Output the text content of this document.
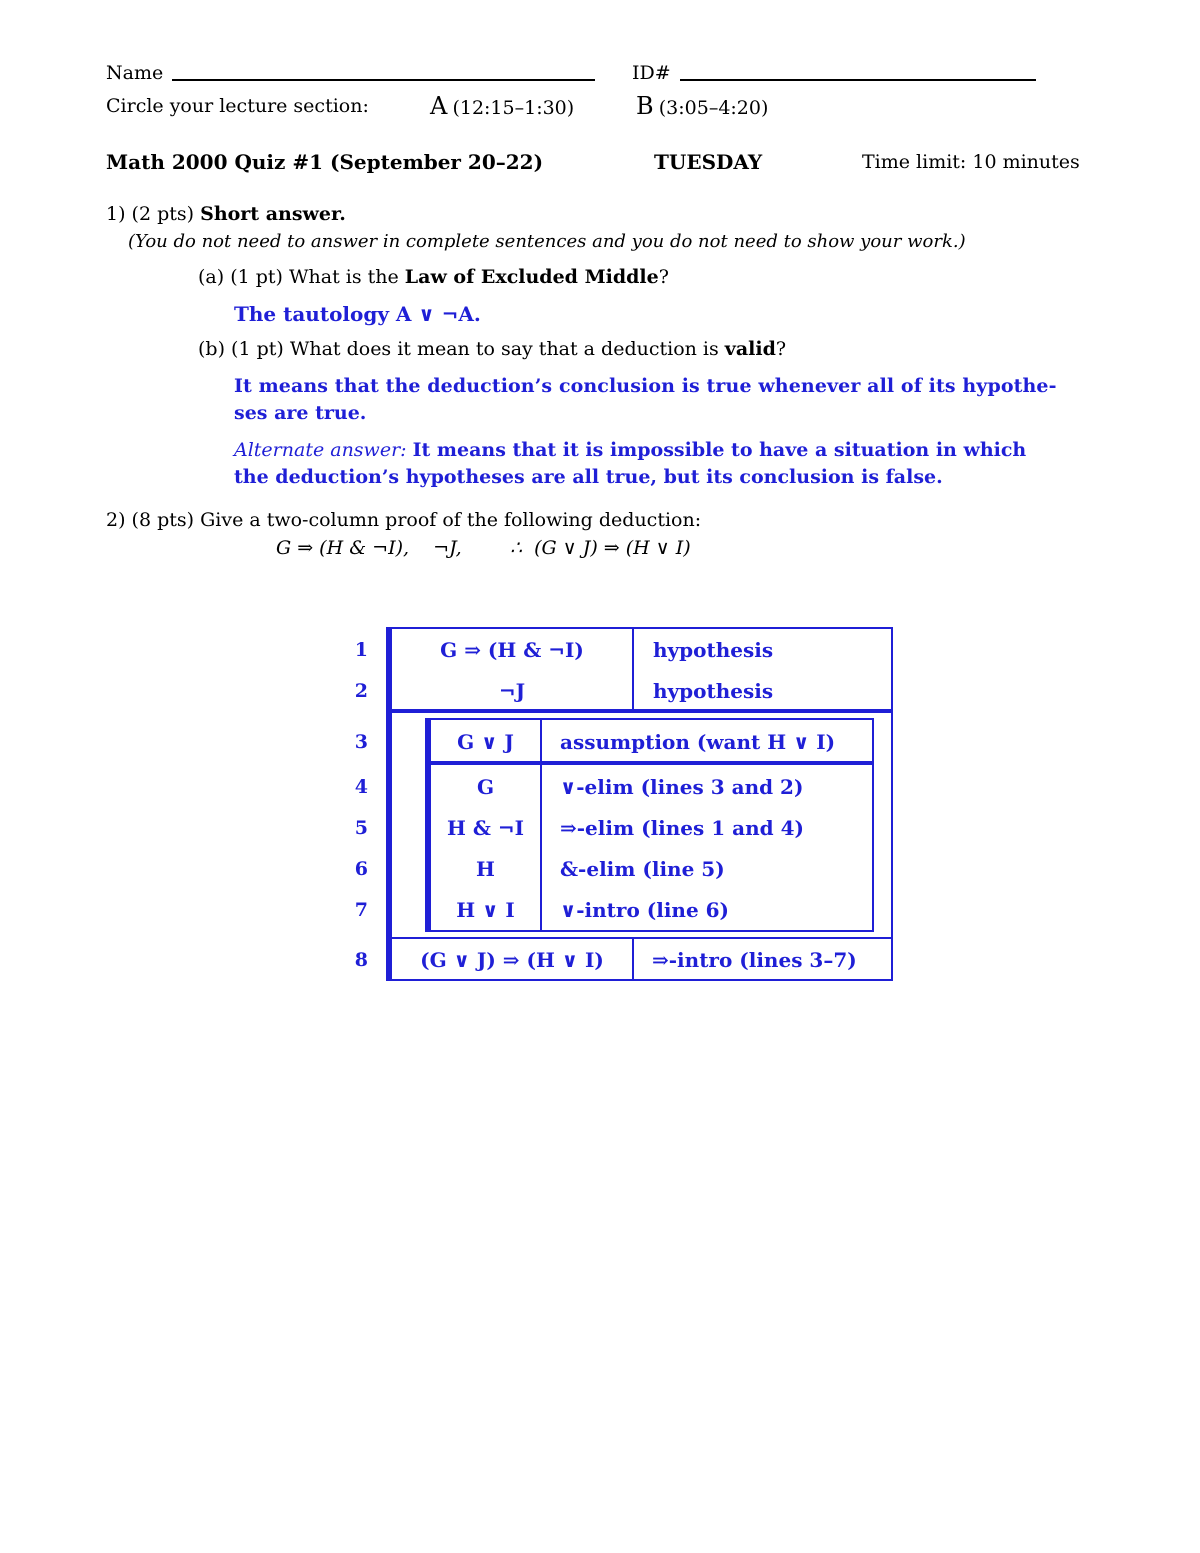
Name	ID#
Circle your lecture section:	A (12:15–1:30)	B (3:05–4:20)
Math 2000 Quiz #1 (September 20–22)	TUESDAY	Time limit: 10 minutes
1) (2 pts) Short answer.
(You do not need to answer in complete sentences and you do not need to show your work.)
(a) (1 pt) What is the Law of Excluded Middle?
The tautology A ∨ ¬A.
(b) (1 pt) What does it mean to say that a deduction is valid?
It means that the deduction’s conclusion is true whenever all of its hypothe-
ses are true.
Alternate answer: It means that it is impossible to have a situation in which
the deduction’s hypotheses are all true, but its conclusion is false.
2) (8 pts) Give a two-column proof of the following deduction:
G ⇒ (H & ¬I),    ¬J,        ∴  (G ∨ J) ⇒ (H ∨ I)
1	G ⇒ (H & ¬I)	hypothesis
2	¬J	hypothesis
3	G ∨ J	assumption (want H ∨ I)
4	G	∨-elim (lines 3 and 2)
5	H & ¬I	⇒-elim (lines 1 and 4)
6	H	&-elim (line 5)
7	H ∨ I	∨-intro (line 6)
8	(G ∨ J) ⇒ (H ∨ I)	⇒-intro (lines 3–7)
